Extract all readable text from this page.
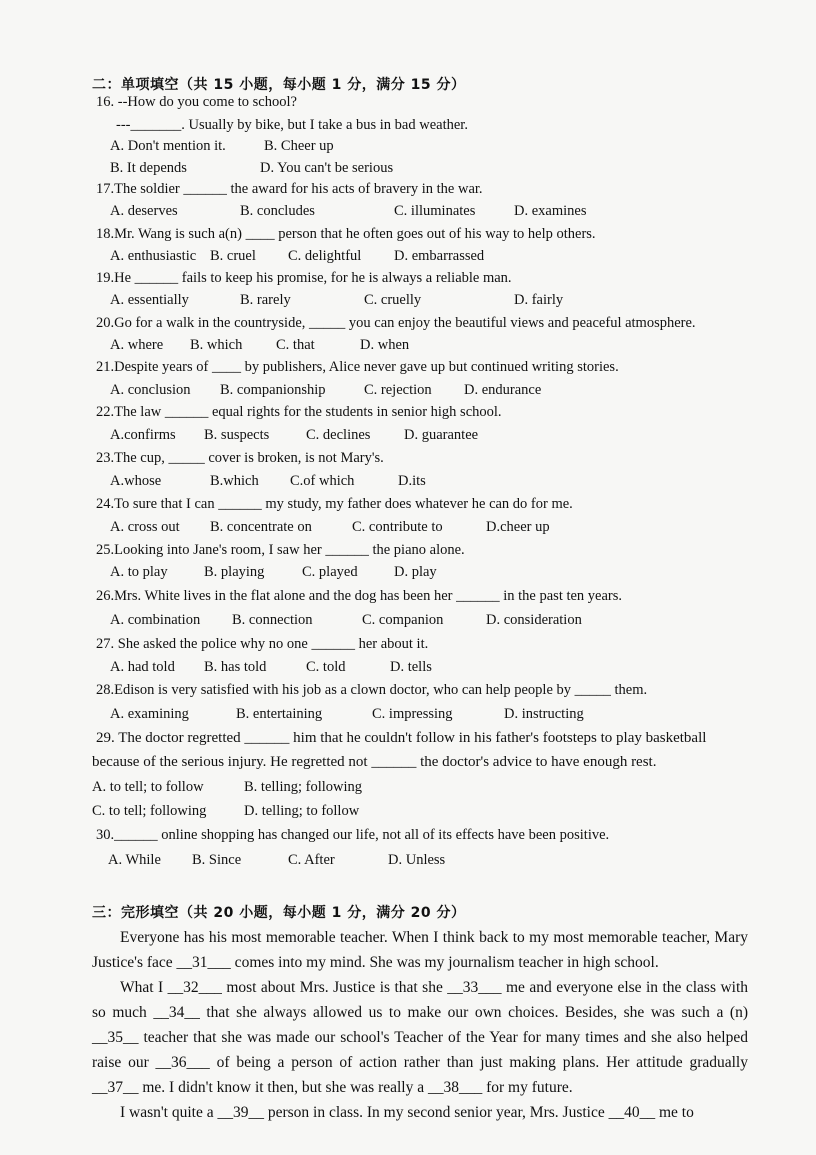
二：单项填空（共 15 小题，每小题 1 分，满分 15 分）
16. --How do you come to school?
---_______. Usually by bike, but I take a bus in bad weather.
A. Don't mention it.	B. Cheer up
B. It depends	D. You can't be serious
17.The soldier ______ the award for his acts of bravery in the war.
A. deserves	B. concludes	C. illuminates	D. examines
18.Mr. Wang is such a(n) ____ person that he often goes out of his way to help others.
A. enthusiastic B. cruel C. delightful D. embarrassed
19.He ______ fails to keep his promise, for he is always a reliable man.
A. essentially	B. rarely	C. cruelly	D. fairly
20.Go for a walk in the countryside, _____ you can enjoy the beautiful views and peaceful atmosphere.
A. where B. which C. that	D. when
21.Despite years of ____ by publishers, Alice never gave up but continued writing stories.
A. conclusion B. companionship	C. rejection D. endurance
22.The law ______ equal rights for the students in senior high school.
A.confirms B. suspects	C. declines D. guarantee
23.The cup, _____ cover is broken, is not Mary's.
A.whose	B.which C.of which	D.its
24.To sure that I can ______ my study, my father does whatever he can do for me.
A. cross out B. concentrate on	C. contribute to	D.cheer up
25.Looking into Jane's room, I saw her ______ the piano alone.
A. to play	B. playing	C. played	D. play
26.Mrs. White lives in the flat alone and the dog has been her ______ in the past ten years.
A. combination B. connection	C. companion	D. consideration
27. She asked the police why no one ______ her about it.
A. had told B. has told	C. told	D. tells
28.Edison is very satisfied with his job as a clown doctor, who can help people by _____ them.
A. examining	B. entertaining	C. impressing	D. instructing
29. The doctor regretted ______ him that he couldn't follow in his father's footsteps to play basketball
because of the serious injury. He regretted not ______ the doctor's advice to have enough rest.
A. to tell; to follow	B. telling; following
C. to tell; following	D. telling; to follow
30.______ online shopping has changed our life, not all of its effects have been positive.
A. While B. Since	C. After	D. Unless
三：完形填空（共 20 小题，每小题 1 分，满分 20 分）
Everyone has his most memorable teacher. When I think back to my most memorable teacher, Mary Justice's face __31___ comes into my mind. She was my journalism teacher in high school.
What I __32___ most about Mrs. Justice is that she __33___ me and everyone else in the class with so much __34__ that she always allowed us to make our own choices. Besides, she was such a (n) __35__ teacher that she was made our school's Teacher of the Year for many times and she also helped raise our __36___ of being a person of action rather than just making plans. Her attitude gradually __37__ me. I didn't know it then, but she was really a __38___ for my future.
I wasn't quite a __39__ person in class. In my second senior year, Mrs. Justice __40__ me to
